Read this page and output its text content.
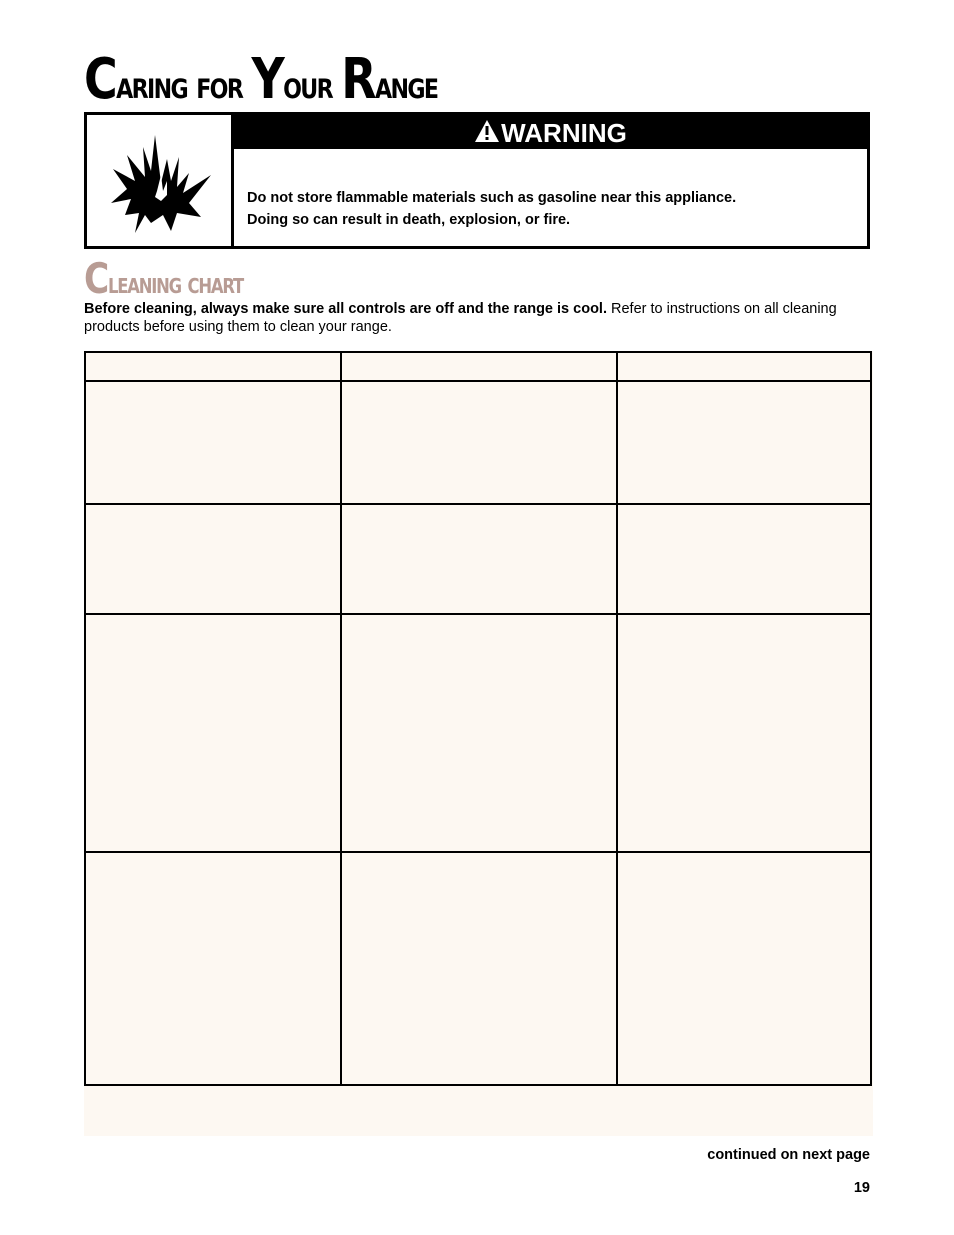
Caring for Your Range
WARNING

Do not store flammable materials such as gasoline near this appliance.

Doing so can result in death, explosion, or fire.

Cleaning chart

Before cleaning, always make sure all controls are off and the range is cool. Refer to instructions on all cleaning products before using them to clean your range.

continued on next page

19
